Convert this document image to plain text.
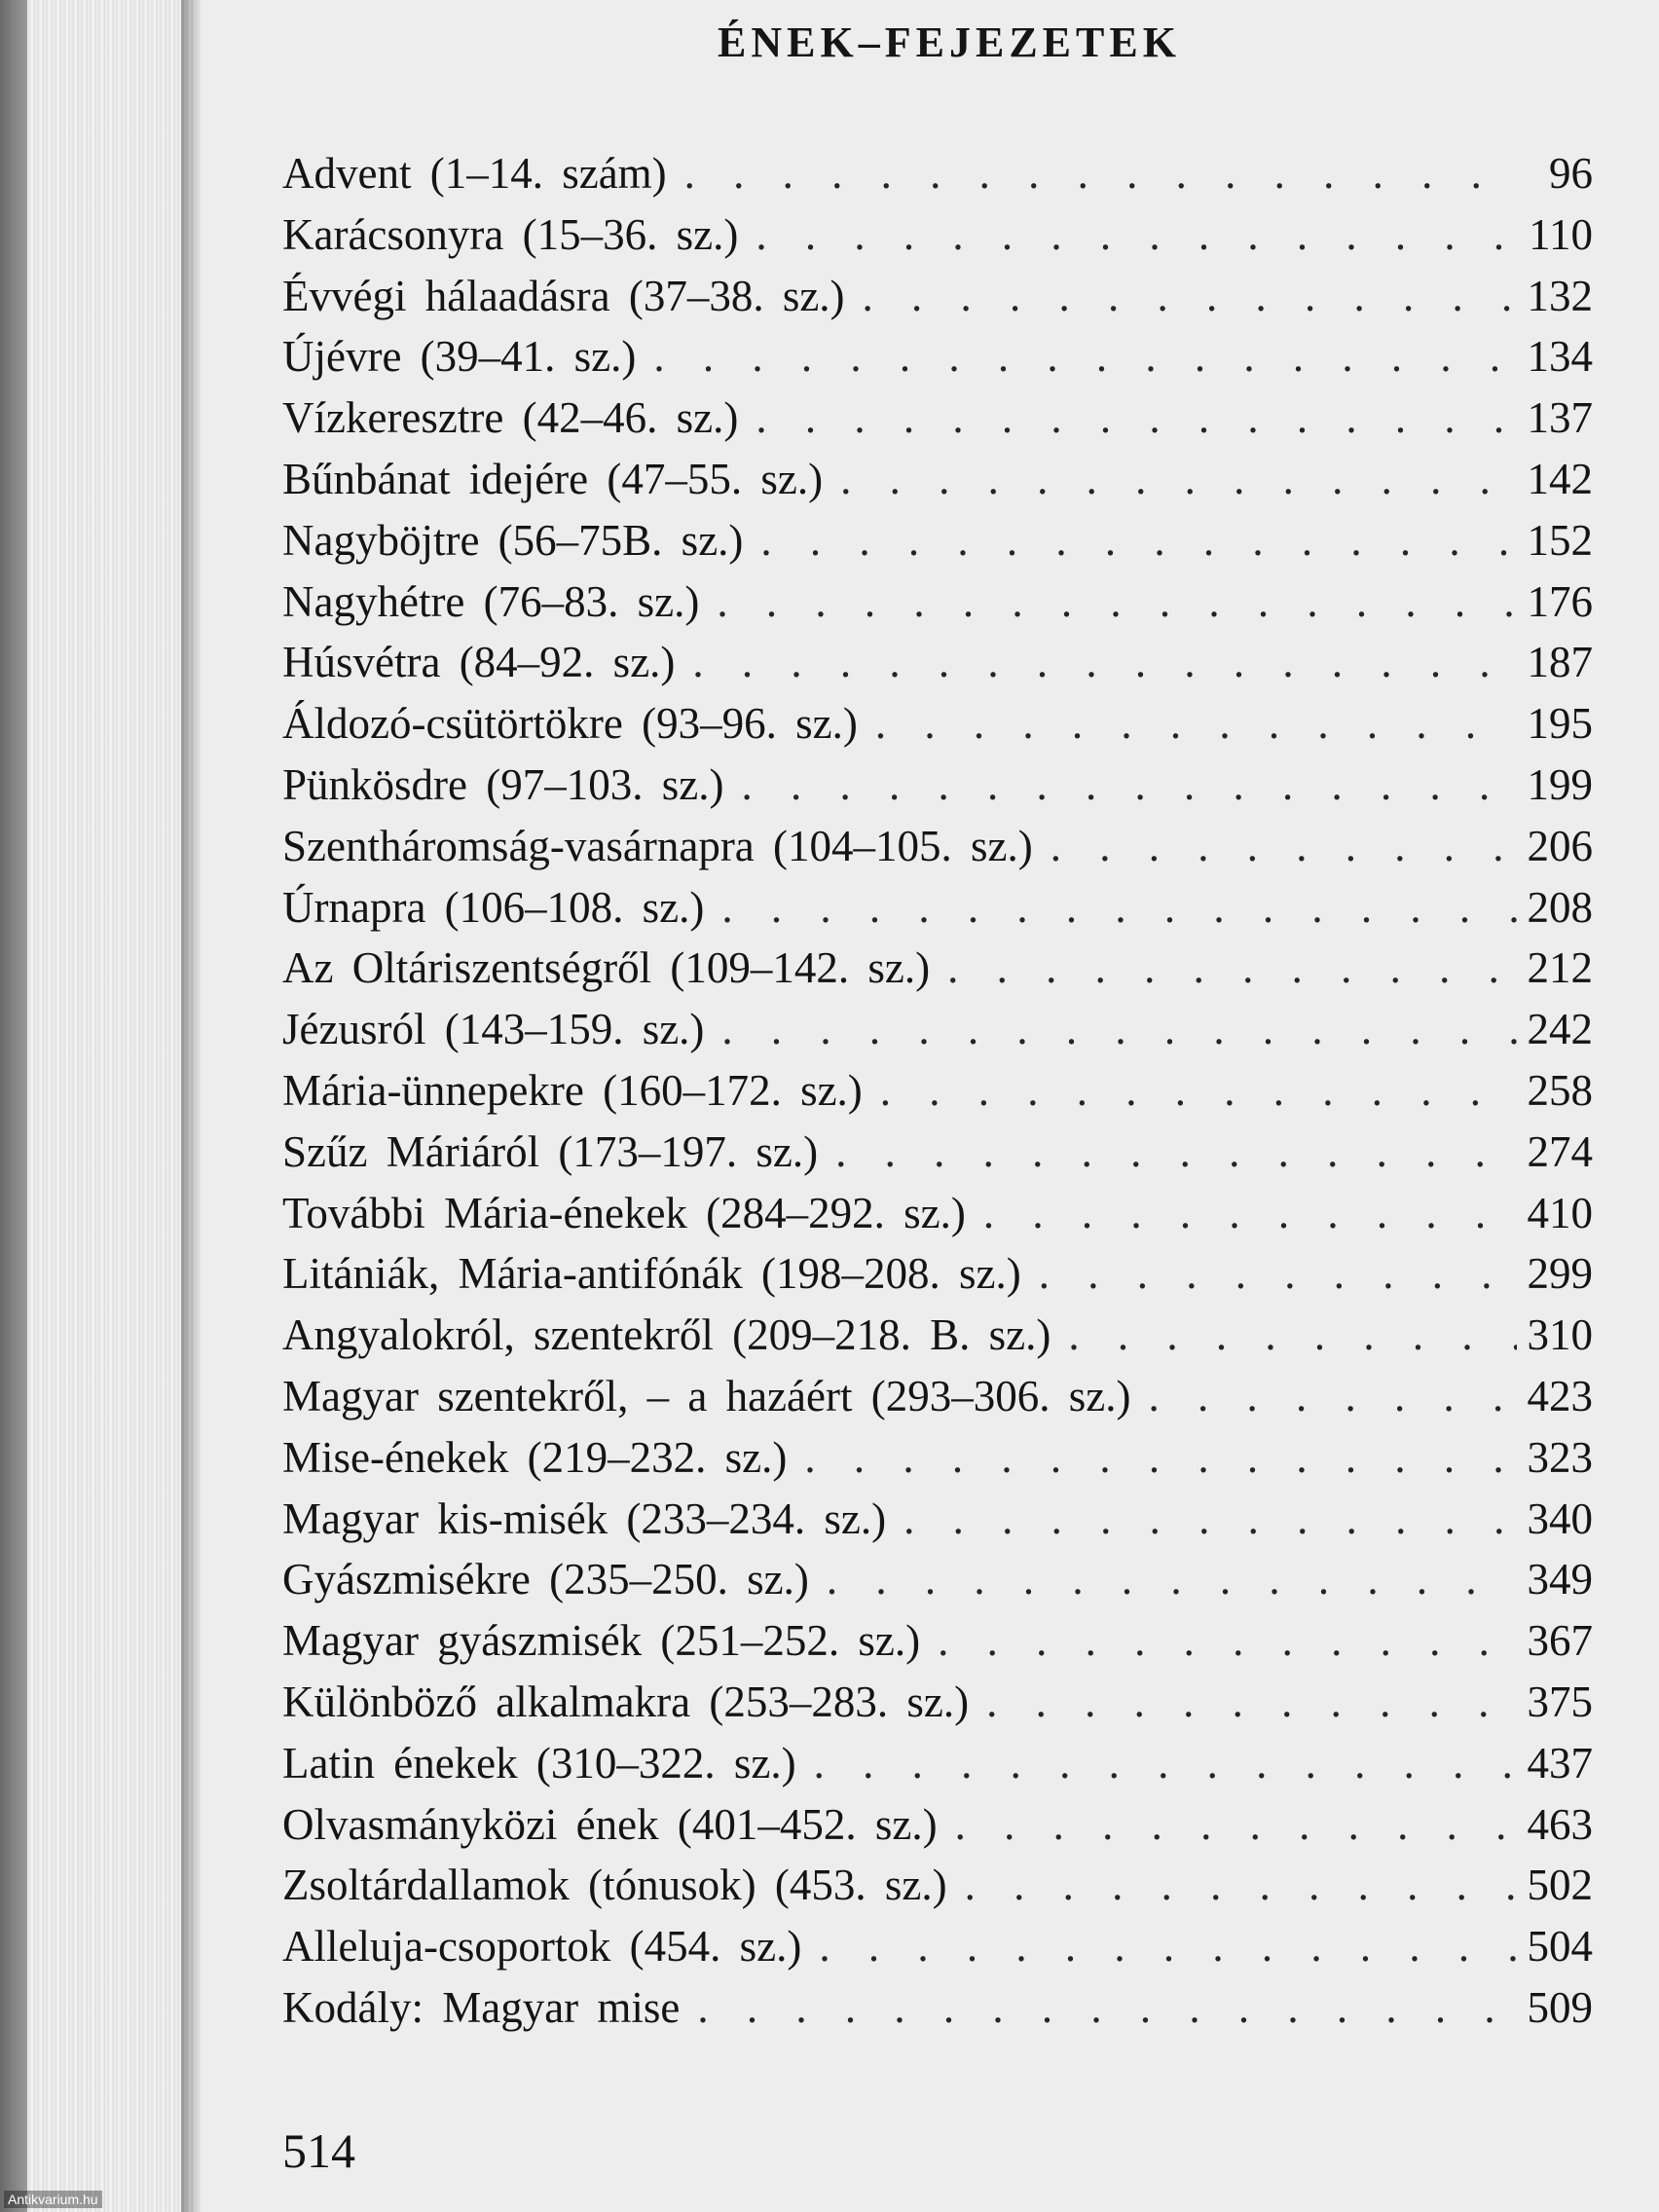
ÉNEK–FEJEZETEK
Advent (1–14. szám) . . .	96
Karácsonyra (15–36. sz.) . . .	110
Évvégi hálaadásra (37–38. sz.) . . .	132
Újévre (39–41. sz.) . . .	134
Vízkeresztre (42–46. sz.) . . .	137
Bűnbánat idejére (47–55. sz.) . . .	142
Nagyböjtre (56–75B. sz.) . . .	152
Nagyhétre (76–83. sz.) . . .	176
Húsvétra (84–92. sz.) . . .	187
Áldozó-csütörtökre (93–96. sz.) . . .	195
Pünkösdre (97–103. sz.) . . .	199
Szentháromság-vasárnapra (104–105. sz.) . . .	206
Úrnapra (106–108. sz.) . . .	208
Az Oltáriszentségről (109–142. sz.) . . .	212
Jézusról (143–159. sz.) . . .	242
Mária-ünnepekre (160–172. sz.) . . .	258
Szűz Máriáról (173–197. sz.) . . .	274
További Mária-énekek (284–292. sz.) . . .	410
Litániák, Mária-antifónák (198–208. sz.) . . .	299
Angyalokról, szentekről (209–218. B. sz.) . . .	310
Magyar szentekről, – a hazáért (293–306. sz.) . . .	423
Mise-énekek (219–232. sz.) . . .	323
Magyar kis-misék (233–234. sz.) . . .	340
Gyászmisékre (235–250. sz.) . . .	349
Magyar gyászmisék (251–252. sz.) . . .	367
Különböző alkalmakra (253–283. sz.) . . .	375
Latin énekek (310–322. sz.) . . .	437
Olvasmányközi ének (401–452. sz.) . . .	463
Zsoltárdallamok (tónusok) (453. sz.) . . .	502
Alleluja-csoportok (454. sz.) . . .	504
Kodály: Magyar mise . . .	509
514
Antikvarium.hu
